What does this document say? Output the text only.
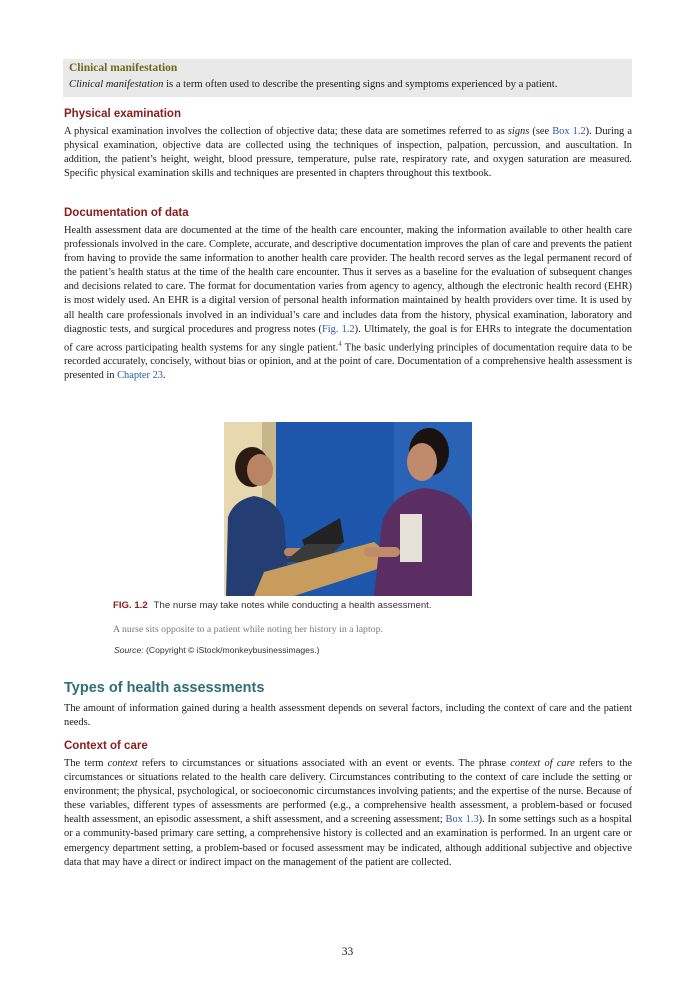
Clinical manifestation
Clinical manifestation is a term often used to describe the presenting signs and symptoms experienced by a patient.
Physical examination

A physical examination involves the collection of objective data; these data are sometimes referred to as signs (see Box 1.2). During a physical examination, objective data are collected using the techniques of inspection, palpation, percussion, and auscultation. In addition, the patient’s height, weight, blood pressure, temperature, pulse rate, respiratory rate, and oxygen saturation are measured. Specific physical examination skills and techniques are presented in chapters throughout this textbook.

Documentation of data

Health assessment data are documented at the time of the health care encounter, making the information available to other health care professionals involved in the care. Complete, accurate, and descriptive documentation improves the plan of care and prevents the patient from having to provide the same information to another health care provider. The health record serves as the legal permanent record of the patient’s health status at the time of the health care encounter. Thus it serves as a baseline for the evaluation of subsequent changes and decisions related to care. The format for documentation varies from agency to agency, although the electronic health record (EHR) is most widely used. An EHR is a digital version of personal health information maintained by health providers over time. It is used by all health care professionals involved in an individual’s care and includes data from the history, physical examination, laboratory and diagnostic tests, and surgical procedures and progress notes (Fig. 1.2). Ultimately, the goal is for EHRs to integrate the documentation of care across participating health systems for any single patient.$^4$ The basic underlying principles of documentation require data to be recorded accurately, concisely, without bias or opinion, and at the point of care. Documentation of a comprehensive health assessment is presented in Chapter 23.

FIG. 1.2 The nurse may take notes while conducting a health assessment.
A nurse sits opposite to a patient while noting her history in a laptop.
Source: (Copyright © iStock/monkeybusinessimages.)
Types of health assessments

The amount of information gained during a health assessment depends on several factors, including the context of care and the patient needs.

Context of care

The term context refers to circumstances or situations associated with an event or events. The phrase context of care refers to the circumstances or situations related to the health care delivery. Circumstances contributing to the context of care include the setting or environment; the physical, psychological, or socioeconomic circumstances involving patients; and the expertise of the nurse. Because of these variables, different types of assessments are performed (e.g., a comprehensive health assessment, a problem-based or focused health assessment, an episodic assessment, a shift assessment, and a screening assessment; Box 1.3). In some settings such as a hospital or a community-based primary care setting, a comprehensive history is collected and an examination is performed. In an urgent care or emergency department setting, a problem-based or focused assessment may be indicated, although additional subjective and objective data that may have a direct or indirect impact on the management of the patient are collected.

33
